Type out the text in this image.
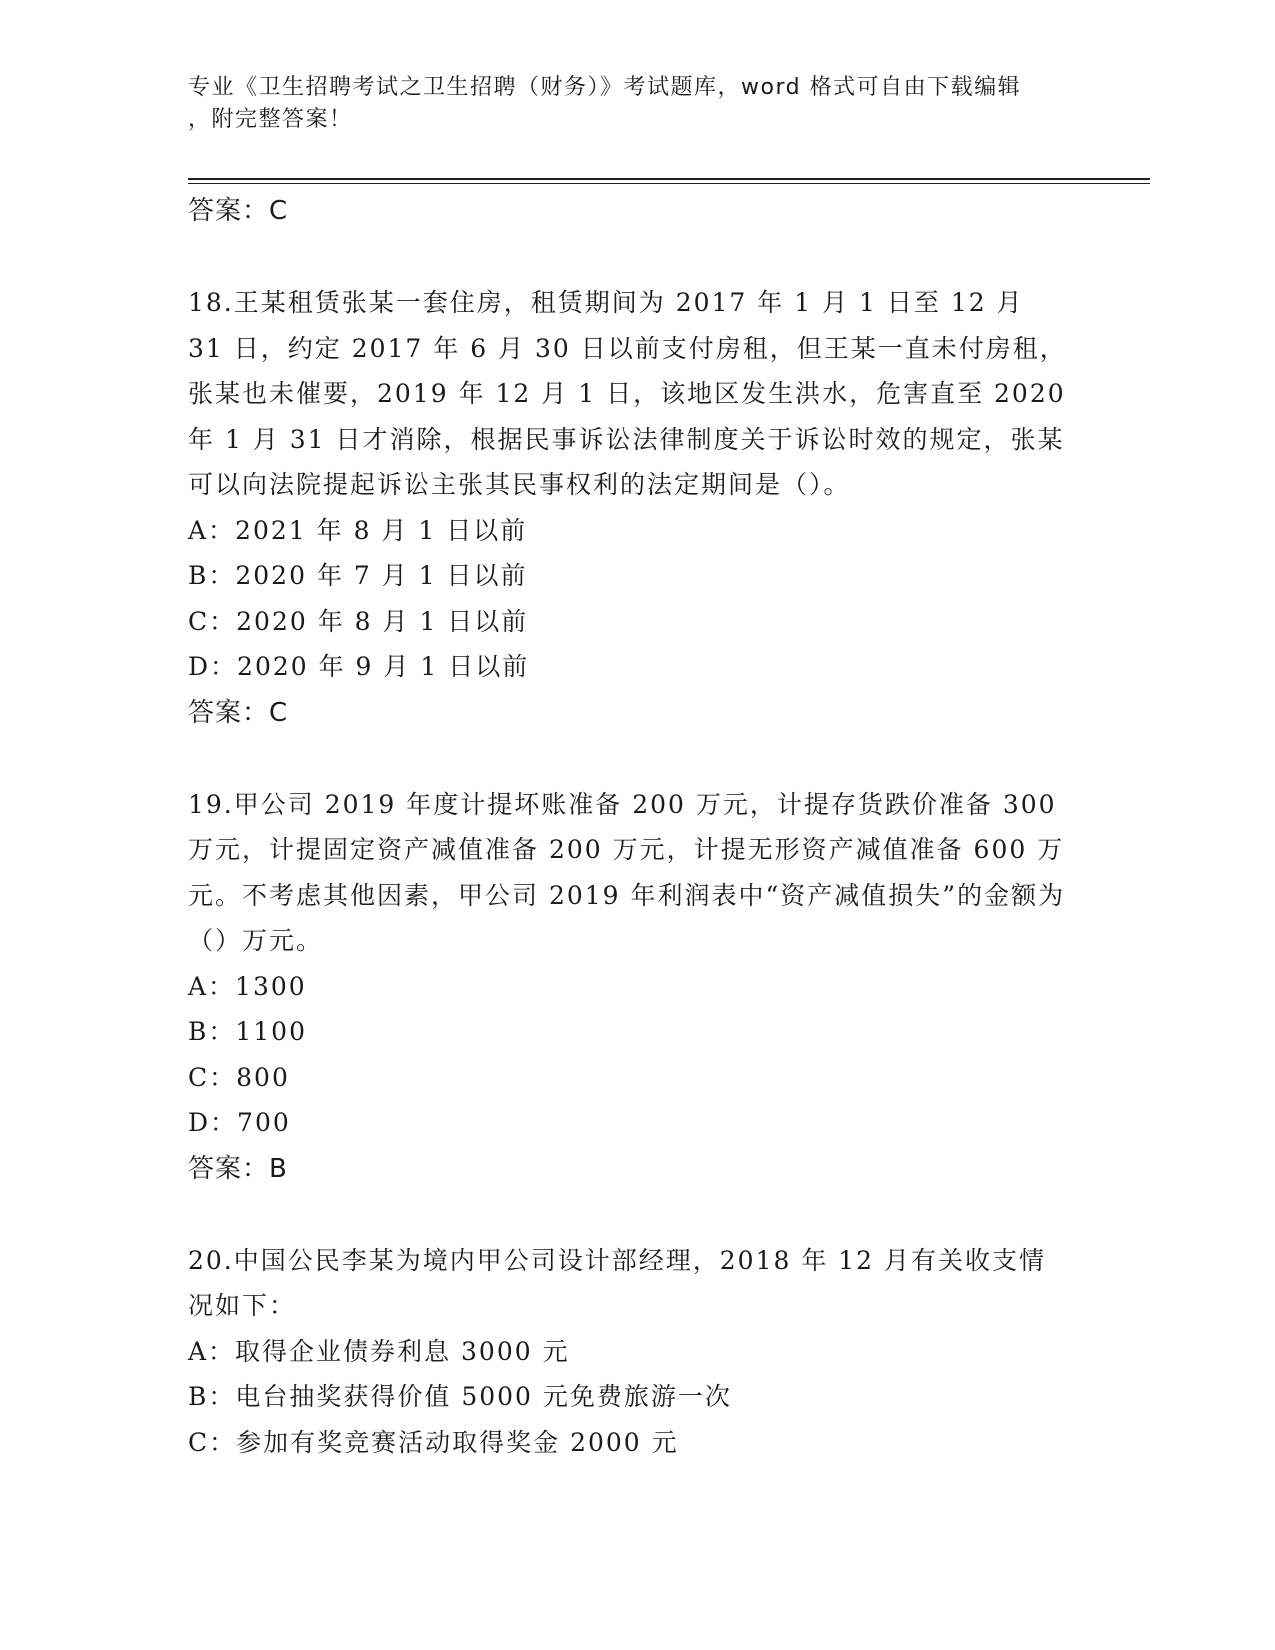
专业《卫生招聘考试之卫生招聘（财务）》考试题库，word 格式可自由下载编辑
，附完整答案！
答案：C
18.王某租赁张某一套住房，租赁期间为 2017 年 1 月 1 日至 12 月 31 日，约定 2017 年 6 月 30 日以前支付房租，但王某一直未付房租，张某也未催要，2019 年 12 月 1 日，该地区发生洪水，危害直至 2020 年 1 月 31 日才消除，根据民事诉讼法律制度关于诉讼时效的规定，张某可以向法院提起诉讼主张其民事权利的法定期间是（）。
A：2021 年 8 月 1 日以前
B：2020 年 7 月 1 日以前
C：2020 年 8 月 1 日以前
D：2020 年 9 月 1 日以前
答案：C
19.甲公司 2019 年度计提坏账准备 200 万元，计提存货跌价准备 300 万元，计提固定资产减值准备 200 万元，计提无形资产减值准备 600 万元。不考虑其他因素，甲公司 2019 年利润表中“资产减值损失”的金额为（）万元。
A：1300
B：1100
C：800
D：700
答案：B
20.中国公民李某为境内甲公司设计部经理，2018 年 12 月有关收支情况如下：
A：取得企业债券利息 3000 元
B：电台抽奖获得价值 5000 元免费旅游一次
C：参加有奖竞赛活动取得奖金 2000 元
